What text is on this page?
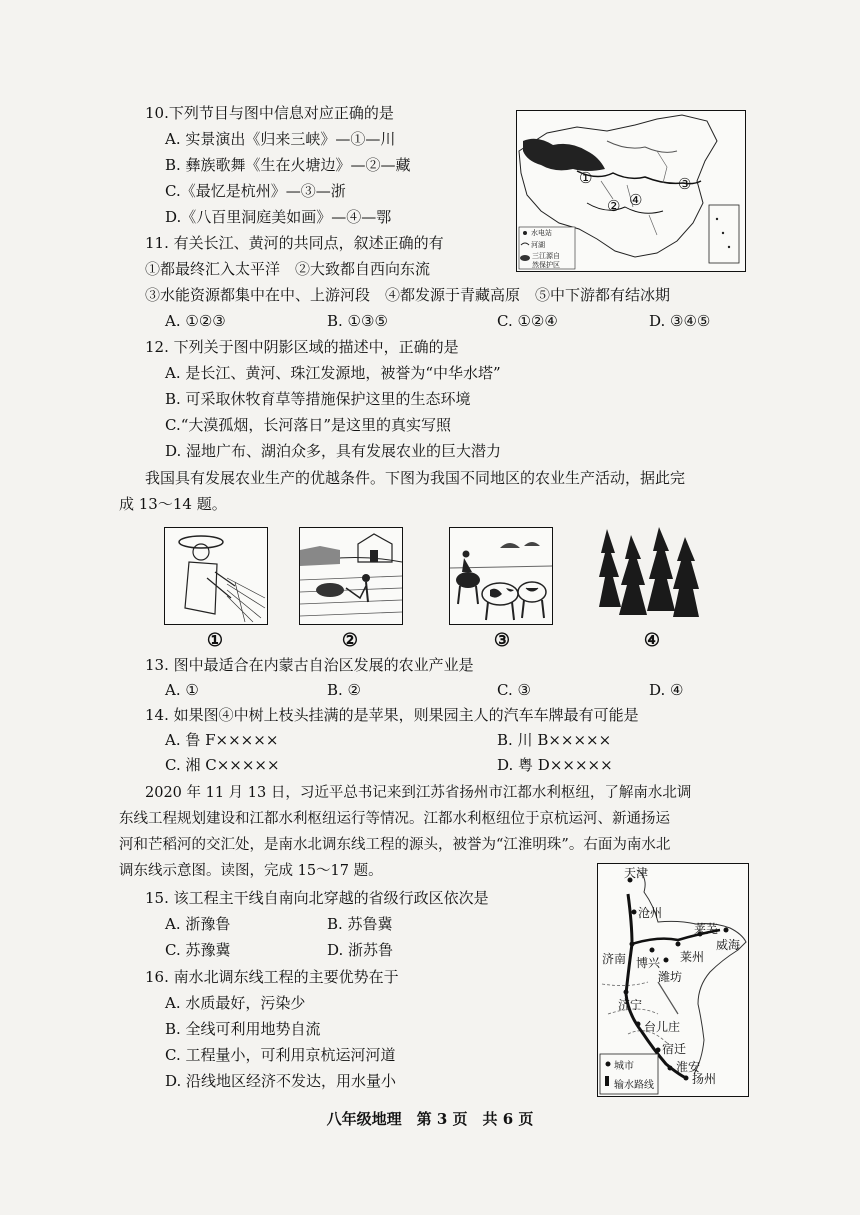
10.下列节目与图中信息对应正确的是
A. 实景演出《归来三峡》—①—川
B. 彝族歌舞《生在火塘边》—②—藏
C.《最忆是杭州》—③—浙
D.《八百里洞庭美如画》—④—鄂
①
②
③
④
水电站
河湖
三江源自
然保护区
11. 有关长江、黄河的共同点，叙述正确的有
①都最终汇入太平洋　②大致都自西向东流
③水能资源都集中在中、上游河段　④都发源于青藏高原　⑤中下游都有结冰期
A. ①②③	B. ①③⑤	C. ①②④	D. ③④⑤
12. 下列关于图中阴影区域的描述中，正确的是
A. 是长江、黄河、珠江发源地，被誉为“中华水塔”
B. 可采取休牧育草等措施保护这里的生态环境
C.“大漠孤烟，长河落日”是这里的真实写照
D. 湿地广布、湖泊众多，具有发展农业的巨大潜力
我国具有发展农业生产的优越条件。下图为我国不同地区的农业生产活动，据此完
成 13～14 题。
①	②	③	④
13. 图中最适合在内蒙古自治区发展的农业产业是
A. ①	B. ②	C. ③	D. ④
14. 如果图④中树上枝头挂满的是苹果，则果园主人的汽车车牌最有可能是
A. 鲁 F×××××	B. 川 B×××××
C. 湘 C×××××	D. 粤 D×××××
2020 年 11 月 13 日，习近平总书记来到江苏省扬州市江都水利枢纽，了解南水北调
东线工程规划建设和江都水利枢纽运行等情况。江都水利枢纽位于京杭运河、新通扬运
河和芒稻河的交汇处，是南水北调东线工程的源头，被誉为“江淮明珠”。右面为南水北
调东线示意图。读图，完成 15～17 题。
15. 该工程主干线自南向北穿越的省级行政区依次是
A. 浙豫鲁	B. 苏鲁冀
C. 苏豫冀	D. 浙苏鲁
16. 南水北调东线工程的主要优势在于
A. 水质最好，污染少
B. 全线可利用地势自流
C. 工程量小，可利用京杭运河河道
D. 沿线地区经济不发达，用水量小
天津
沧州
莱芜
威海
济南 博兴 莱州
潍坊
济宁
台儿庄
宿迁
淮安
扬州
城市
输水路线
八年级地理　第 3 页　共 6 页
